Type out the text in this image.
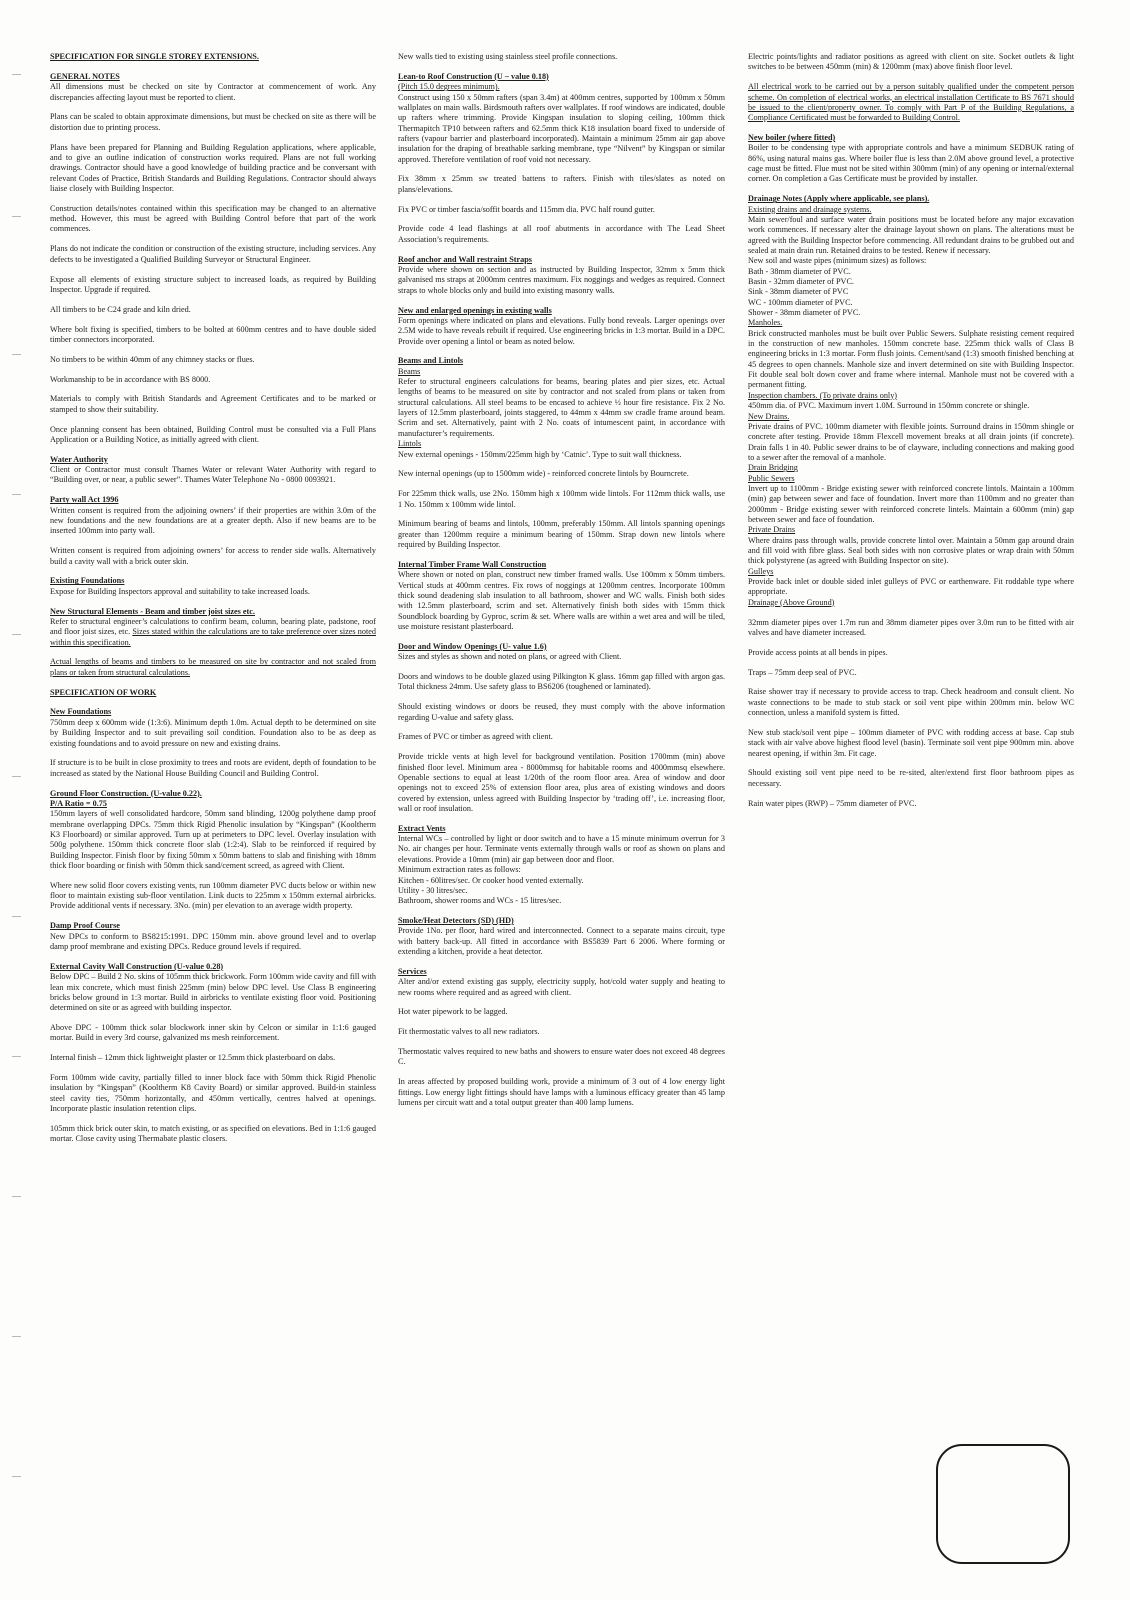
SPECIFICATION FOR SINGLE STOREY EXTENSIONS.

GENERAL NOTES
All dimensions must be checked on site by Contractor at commencement of work. Any discrepancies affecting layout must be reported to client.

Plans can be scaled to obtain approximate dimensions, but must be checked on site as there will be distortion due to printing process.

Plans have been prepared for Planning and Building Regulation applications, where applicable, and to give an outline indication of construction works required. Plans are not full working drawings. Contractor should have a good knowledge of building practice and be conversant with relevant Codes of Practice, British Standards and Building Regulations. Contractor should always liaise closely with Building Inspector.

Construction details/notes contained within this specification may be changed to an alternative method. However, this must be agreed with Building Control before that part of the work commences.

Plans do not indicate the condition or construction of the existing structure, including services. Any defects to be investigated a Qualified Building Surveyor or Structural Engineer.

Expose all elements of existing structure subject to increased loads, as required by Building Inspector. Upgrade if required.

All timbers to be C24 grade and kiln dried.

Where bolt fixing is specified, timbers to be bolted at 600mm centres and to have double sided timber connectors incorporated.

No timbers to be within 40mm of any chimney stacks or flues.

Workmanship to be in accordance with BS 8000.

Materials to comply with British Standards and Agreement Certificates and to be marked or stamped to show their suitability.

Once planning consent has been obtained, Building Control must be consulted via a Full Plans Application or a Building Notice, as initially agreed with client.

Water Authority
Client or Contractor must consult Thames Water or relevant Water Authority with regard to “Building over, or near, a public sewer”. Thames Water Telephone No - 0800 0093921.

Party wall Act 1996
Written consent is required from the adjoining owners’ if their properties are within 3.0m of the new foundations and the new foundations are at a greater depth. Also if new beams are to be inserted 100mm into party wall.

Written consent is required from adjoining owners’ for access to render side walls. Alternatively build a cavity wall with a brick outer skin.

Existing Foundations
Expose for Building Inspectors approval and suitability to take increased loads.

New Structural Elements - Beam and timber joist sizes etc.
Refer to structural engineer’s calculations to confirm beam, column, bearing plate, padstone, roof and floor joist sizes, etc. Sizes stated within the calculations are to take preference over sizes noted within this specification.

Actual lengths of beams and timbers to be measured on site by contractor and not scaled from plans or taken from structural calculations.

SPECIFICATION OF WORK

New Foundations
750mm deep x 600mm wide (1:3:6). Minimum depth 1.0m. Actual depth to be determined on site by Building Inspector and to suit prevailing soil condition. Foundation also to be as deep as existing foundations and to avoid pressure on new and existing drains.

If structure is to be built in close proximity to trees and roots are evident, depth of foundation to be increased as stated by the National House Building Council and Building Control.

Ground Floor Construction. (U-value 0.22).
P/A Ratio = 0.75
150mm layers of well consolidated hardcore, 50mm sand blinding, 1200g polythene damp proof membrane overlapping DPCs. 75mm thick Rigid Phenolic insulation by “Kingspan” (Kooltherm K3 Floorboard) or similar approved. Turn up at perimeters to DPC level. Overlay insulation with 500g polythene. 150mm thick concrete floor slab (1:2:4). Slab to be reinforced if required by Building Inspector. Finish floor by fixing 50mm x 50mm battens to slab and finishing with 18mm thick floor boarding or finish with 50mm thick sand/cement screed, as agreed with Client.

Where new solid floor covers existing vents, run 100mm diameter PVC ducts below or within new floor to maintain existing sub-floor ventilation. Link ducts to 225mm x 150mm external airbricks. Provide additional vents if necessary. 3No. (min) per elevation to an average width property.

Damp Proof Course
New DPCs to conform to BS8215:1991. DPC 150mm min. above ground level and to overlap damp proof membrane and existing DPCs. Reduce ground levels if required.

External Cavity Wall Construction (U-value 0.28)
Below DPC – Build 2 No. skins of 105mm thick brickwork. Form 100mm wide cavity and fill with lean mix concrete, which must finish 225mm (min) below DPC level. Use Class B engineering bricks below ground in 1:3 mortar. Build in airbricks to ventilate existing floor void. Positioning determined on site or as agreed with building inspector.

Above DPC - 100mm thick solar blockwork inner skin by Celcon or similar in 1:1:6 gauged mortar. Build in every 3rd course, galvanized ms mesh reinforcement.

Internal finish – 12mm thick lightweight plaster or 12.5mm thick plasterboard on dabs.

Form 100mm wide cavity, partially filled to inner block face with 50mm thick Rigid Phenolic insulation by “Kingspan” (Kooltherm K8 Cavity Board) or similar approved. Build-in stainless steel cavity ties, 750mm horizontally, and 450mm vertically, centres halved at openings. Incorporate plastic insulation retention clips.

105mm thick brick outer skin, to match existing, or as specified on elevations. Bed in 1:1:6 gauged mortar. Close cavity using Thermabate plastic closers.

New walls tied to existing using stainless steel profile connections.

Lean-to Roof Construction (U – value 0.18)
(Pitch 15.0 degrees minimum).
Construct using 150 x 50mm rafters (span 3.4m) at 400mm centres, supported by 100mm x 50mm wallplates on main walls. Birdsmouth rafters over wallplates. If roof windows are indicated, double up rafters where trimming. Provide Kingspan insulation to sloping ceiling, 100mm thick Thermapitch TP10 between rafters and 62.5mm thick K18 insulation board fixed to underside of rafters (vapour barrier and plasterboard incorporated). Maintain a minimum 25mm air gap above insulation for the draping of breathable sarking membrane, type “Nilvent” by Kingspan or similar approved. Therefore ventilation of roof void not necessary.

Fix 38mm x 25mm sw treated battens to rafters. Finish with tiles/slates as noted on plans/elevations.

Fix PVC or timber fascia/soffit boards and 115mm dia. PVC half round gutter.

Provide code 4 lead flashings at all roof abutments in accordance with The Lead Sheet Association’s requirements.

Roof anchor and Wall restraint Straps
Provide where shown on section and as instructed by Building Inspector, 32mm x 5mm thick galvanised ms straps at 2000mm centres maximum. Fix noggings and wedges as required. Connect straps to whole blocks only and build into existing masonry walls.

New and enlarged openings in existing walls
Form openings where indicated on plans and elevations. Fully bond reveals. Larger openings over 2.5M wide to have reveals rebuilt if required. Use engineering bricks in 1:3 mortar. Build in a DPC. Provide over opening a lintol or beam as noted below.

Beams and Lintols
Beams
Refer to structural engineers calculations for beams, bearing plates and pier sizes, etc. Actual lengths of beams to be measured on site by contractor and not scaled from plans or taken from structural calculations. All steel beams to be encased to achieve ½ hour fire resistance. Fix 2 No. layers of 12.5mm plasterboard, joints staggered, to 44mm x 44mm sw cradle frame around beam. Scrim and set. Alternatively, paint with 2 No. coats of intumescent paint, in accordance with manufacturer’s requirements.
Lintols
New external openings - 150mm/225mm high by ‘Catnic’. Type to suit wall thickness.

New internal openings (up to 1500mm wide) - reinforced concrete lintols by Bourncrete.

For 225mm thick walls, use 2No. 150mm high x 100mm wide lintols. For 112mm thick walls, use 1 No. 150mm x 100mm wide lintol.

Minimum bearing of beams and lintols, 100mm, preferably 150mm. All lintols spanning openings greater than 1200mm require a minimum bearing of 150mm. Strap down new lintols where required by Building Inspector.

Internal Timber Frame Wall Construction
Where shown or noted on plan, construct new timber framed walls. Use 100mm x 50mm timbers. Vertical studs at 400mm centres. Fix rows of noggings at 1200mm centres. Incorporate 100mm thick sound deadening slab insulation to all bathroom, shower and WC walls. Finish both sides with 12.5mm plasterboard, scrim and set. Alternatively finish both sides with 15mm thick Soundblock boarding by Gyproc, scrim & set. Where walls are within a wet area and will be tiled, use moisture resistant plasterboard.

Door and Window Openings (U- value 1.6)
Sizes and styles as shown and noted on plans, or agreed with Client.

Doors and windows to be double glazed using Pilkington K glass. 16mm gap filled with argon gas. Total thickness 24mm. Use safety glass to BS6206 (toughened or laminated).

Should existing windows or doors be reused, they must comply with the above information regarding U-value and safety glass.

Frames of PVC or timber as agreed with client.

Provide trickle vents at high level for background ventilation. Position 1700mm (min) above finished floor level. Minimum area - 8000mmsq for habitable rooms and 4000mmsq elsewhere. Openable sections to equal at least 1/20th of the room floor area. Area of window and door openings not to exceed 25% of extension floor area, plus area of existing windows and doors covered by extension, unless agreed with Building Inspector by ‘trading off’, i.e. increasing floor, wall or roof insulation.

Extract Vents
Internal WCs – controlled by light or door switch and to have a 15 minute minimum overrun for 3 No. air changes per hour. Terminate vents externally through walls or roof as shown on plans and elevations. Provide a 10mm (min) air gap between door and floor.
Minimum extraction rates as follows:
Kitchen - 60litres/sec. Or cooker hood vented externally.
Utility - 30 litres/sec.
Bathroom, shower rooms and WCs - 15 litres/sec.

Smoke/Heat Detectors (SD) (HD)
Provide 1No. per floor, hard wired and interconnected. Connect to a separate mains circuit, type with battery back-up. All fitted in accordance with BS5839 Part 6 2006. Where forming or extending a kitchen, provide a heat detector.

Services
Alter and/or extend existing gas supply, electricity supply, hot/cold water supply and heating to new rooms where required and as agreed with client.

Hot water pipework to be lagged.

Fit thermostatic valves to all new radiators.

Thermostatic valves required to new baths and showers to ensure water does not exceed 48 degrees C.

In areas affected by proposed building work, provide a minimum of 3 out of 4 low energy light fittings. Low energy light fittings should have lamps with a luminous efficacy greater than 45 lamp lumens per circuit watt and a total output greater than 400 lamp lumens.

Electric points/lights and radiator positions as agreed with client on site. Socket outlets & light switches to be between 450mm (min) & 1200mm (max) above finish floor level.

All electrical work to be carried out by a person suitably qualified under the competent person scheme. On completion of electrical works, an electrical installation Certificate to BS 7671 should be issued to the client/property owner. To comply with Part P of the Building Regulations, a Compliance Certificated must be forwarded to Building Control.

New boiler (where fitted)
Boiler to be condensing type with appropriate controls and have a minimum SEDBUK rating of 86%, using natural mains gas. Where boiler flue is less than 2.0M above ground level, a protective cage must be fitted. Flue must not be sited within 300mm (min) of any opening or internal/external corner. On completion a Gas Certificate must be provided by installer.

Drainage Notes (Apply where applicable, see plans).
Existing drains and drainage systems.
Main sewer/foul and surface water drain positions must be located before any major excavation work commences. If necessary alter the drainage layout shown on plans. The alterations must be agreed with the Building Inspector before commencing. All redundant drains to be grubbed out and sealed at main drain run. Retained drains to be tested. Renew if necessary.
New soil and waste pipes (minimum sizes) as follows:
Bath - 38mm diameter of PVC.
Basin - 32mm diameter of PVC.
Sink - 38mm diameter of PVC
WC - 100mm diameter of PVC.
Shower - 38mm diameter of PVC.
Manholes.
Brick constructed manholes must be built over Public Sewers. Sulphate resisting cement required in the construction of new manholes. 150mm concrete base. 225mm thick walls of Class B engineering bricks in 1:3 mortar. Form flush joints. Cement/sand (1:3) smooth finished benching at 45 degrees to open channels. Manhole size and invert determined on site with Building Inspector. Fit double seal bolt down cover and frame where internal. Manhole must not be covered with a permanent fitting.
Inspection chambers. (To private drains only)
450mm dia. of PVC. Maximum invert 1.0M. Surround in 150mm concrete or shingle.
New Drains.
Private drains of PVC. 100mm diameter with flexible joints. Surround drains in 150mm shingle or concrete after testing. Provide 18mm Flexcell movement breaks at all drain joints (if concrete). Drain falls 1 in 40. Public sewer drains to be of clayware, including connections and making good to a sewer after the removal of a manhole.
Drain Bridging
Public Sewers
Invert up to 1100mm - Bridge existing sewer with reinforced concrete lintols. Maintain a 100mm (min) gap between sewer and face of foundation. Invert more than 1100mm and no greater than 2000mm - Bridge existing sewer with reinforced concrete lintels. Maintain a 600mm (min) gap between sewer and face of foundation.
Private Drains
Where drains pass through walls, provide concrete lintol over. Maintain a 50mm gap around drain and fill void with fibre glass. Seal both sides with non corrosive plates or wrap drain with 50mm thick polystyrene (as agreed with Building Inspector on site).
Gulleys
Provide back inlet or double sided inlet gulleys of PVC or earthenware. Fit roddable type where appropriate.
Drainage (Above Ground)

32mm diameter pipes over 1.7m run and 38mm diameter pipes over 3.0m run to be fitted with air valves and have diameter increased.

Provide access points at all bends in pipes.

Traps – 75mm deep seal of PVC.

Raise shower tray if necessary to provide access to trap. Check headroom and consult client. No waste connections to be made to stub stack or soil vent pipe within 200mm min. below WC connection, unless a manifold system is fitted.

New stub stack/soil vent pipe – 100mm diameter of PVC with rodding access at base. Cap stub stack with air valve above highest flood level (basin). Terminate soil vent pipe 900mm min. above nearest opening, if within 3m. Fit cage.

Should existing soil vent pipe need to be re-sited, alter/extend first floor bathroom pipes as necessary.

Rain water pipes (RWP) – 75mm diameter of PVC.
